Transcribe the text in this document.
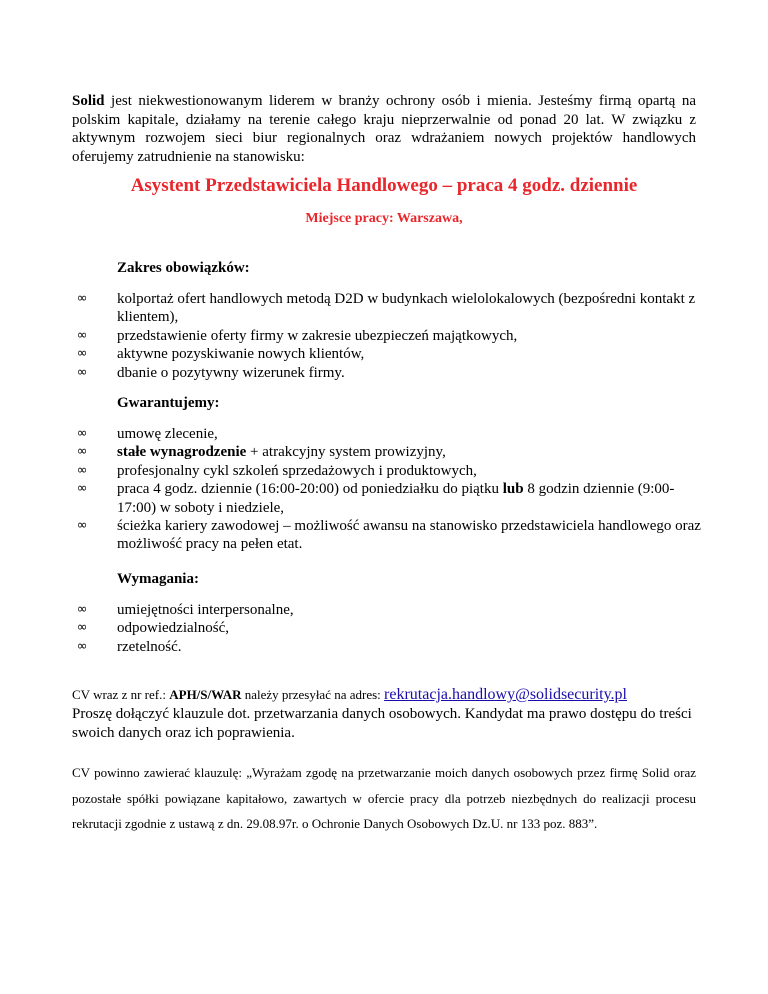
Solid jest niekwestionowanym liderem w branży ochrony osób i mienia. Jesteśmy firmą opartą na polskim kapitale, działamy na terenie całego kraju nieprzerwalnie od ponad 20 lat. W związku z aktywnym rozwojem sieci biur regionalnych oraz wdrażaniem nowych projektów handlowych oferujemy zatrudnienie na stanowisku:

Asystent Przedstawiciela Handlowego – praca 4 godz. dziennie
Miejsce pracy: Warszawa,
Zakres obowiązków:
∞	kolportaż ofert handlowych metodą D2D w budynkach wielolokalowych (bezpośredni kontakt z klientem),
∞	przedstawienie oferty firmy w zakresie ubezpieczeń majątkowych,
∞	aktywne pozyskiwanie nowych klientów,
∞	dbanie o pozytywny wizerunek firmy.
Gwarantujemy:
∞	umowę zlecenie,
∞	stałe wynagrodzenie + atrakcyjny system prowizyjny,
∞	profesjonalny cykl szkoleń sprzedażowych i produktowych,
∞	praca 4 godz. dziennie (16:00-20:00) od poniedziałku do piątku lub 8 godzin dziennie (9:00-17:00) w soboty i niedziele,
∞	ścieżka kariery zawodowej – możliwość awansu na stanowisko przedstawiciela handlowego oraz możliwość pracy na pełen etat.
Wymagania:
∞	umiejętności interpersonalne,
∞	odpowiedzialność,
∞	rzetelność.
CV wraz z nr ref.: APH/S/WAR należy przesyłać na adres: rekrutacja.handlowy@solidsecurity.pl
Proszę dołączyć klauzule dot. przetwarzania danych osobowych. Kandydat ma prawo dostępu do treści swoich danych oraz ich poprawienia.

CV powinno zawierać klauzulę: „Wyrażam zgodę na przetwarzanie moich danych osobowych przez firmę Solid oraz pozostałe spółki powiązane kapitałowo, zawartych w ofercie pracy dla potrzeb niezbędnych do realizacji procesu rekrutacji zgodnie z ustawą z dn. 29.08.97r. o Ochronie Danych Osobowych Dz.U. nr 133 poz. 883”.
